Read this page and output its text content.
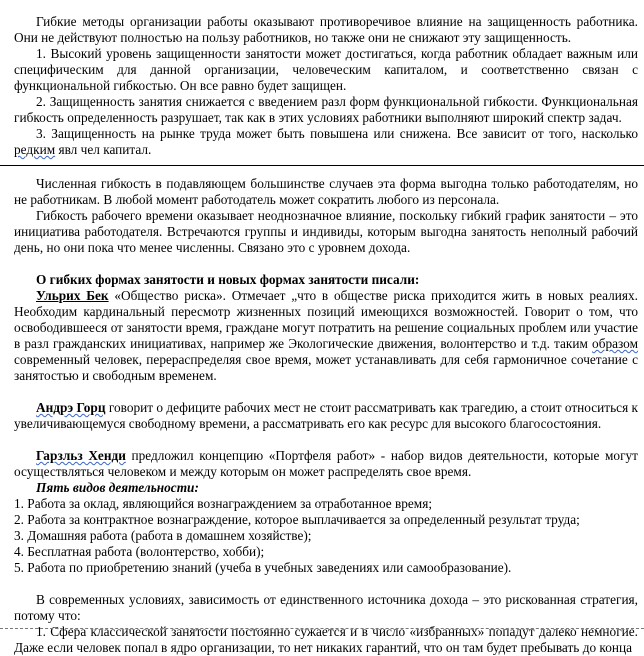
Гибкие методы организации работы оказывают противоречивое влияние на защищенность работника. Они не действуют полностью на пользу работников, но также они не снижают эту защищенность.

1. Высокий уровень защищенности занятости может достигаться, когда работник обладает важным или специфическим для данной организации, человеческим капиталом, и соответственно связан с функциональной гибкостью. Он все равно будет защищен.

2. Защищенность занятия снижается с введением разл форм функциональной гибкости. Функциональная гибкость определенность разрушает, так как в этих условиях работники выполняют широкий спектр задач.

3. Защищенность на рынке труда может быть повышена или снижена. Все зависит от того, насколько редким явл чел капитал.

Численная гибкость в подавляющем большинстве случаев эта форма выгодна только работодателям, но не работникам. В любой момент работодатель может сократить любого из персонала.

Гибкость рабочего времени оказывает неоднозначное влияние, поскольку гибкий график занятости – это инициатива работодателя. Встречаются группы и индивиды, которым выгодна занятость неполный рабочий день, но они пока что менее численны. Связано это с уровнем дохода.

О гибких формах занятости и новых формах занятости писали:

Ульрих Бек «Общество риска». Отмечает „что в обществе риска приходится жить в новых реалиях. Необходим кардинальный пересмотр жизненных позиций имеющихся возможностей. Говорит о том, что освободившееся от занятости время, граждане могут потратить на решение социальных проблем или участие в разл гражданских инициативах, например же Экологические движения, волонтерство и т.д. таким образом современный человек, перераспределяя свое время, может устанавливать для себя гармоничное сочетание с занятостью и свободным временем.

Андрэ Горц говорит о дефиците рабочих мест не стоит рассматривать как трагедию, а стоит относиться к увеличивающемуся свободному времени, а рассматривать его как ресурс для высокого благосостояния.

Гарзльз Хенди предложил концепцию «Портфеля работ» - набор видов деятельности, которые могут осуществляться человеком и между которым он может распределять свое время.

Пять видов деятельности:

1. Работа за оклад, являющийся вознаграждением за отработанное время;

2. Работа за контрактное вознаграждение, которое выплачивается за определенный результат труда;

3. Домашняя работа (работа в домашнем хозяйстве);

4. Бесплатная работа (волонтерство, хобби);

5. Работа по приобретению знаний (учеба в учебных заведениях или самообразование).

В современных условиях, зависимость от единственного источника дохода – это рискованная стратегия, потому что:

1. Сфера классической занятости постоянно сужается и в число «избранных» попадут далеко немногие. Даже если человек попал в ядро организации, то нет никаких гарантий, что он там будет пребывать до конца
